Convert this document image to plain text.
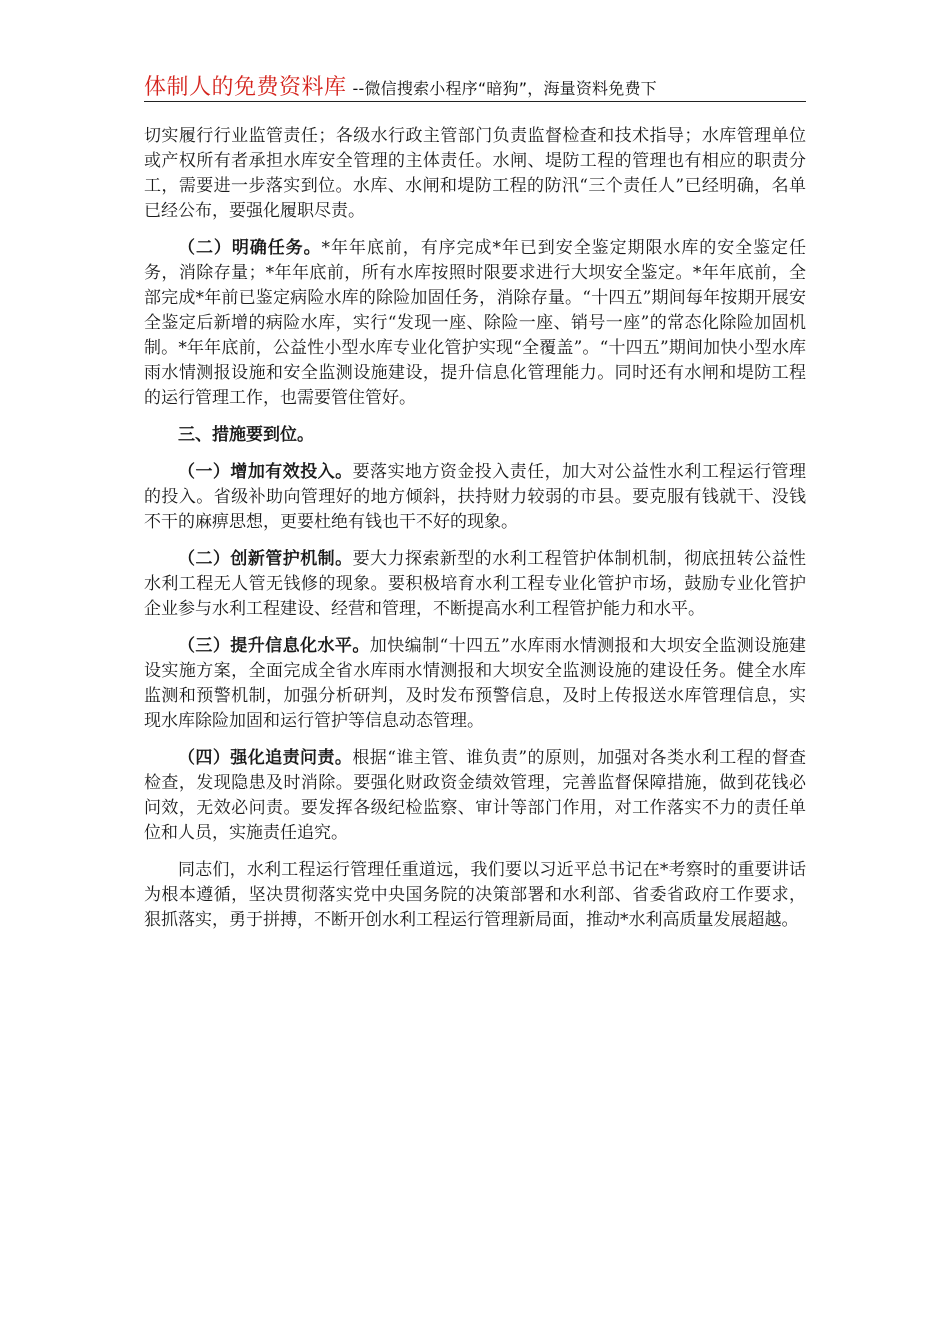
体制人的免费资料库 --微信搜索小程序“暗狗”，海量资料免费下

切实履行行业监管责任；各级水行政主管部门负责监督检查和技术指导；水库管理单位或产权所有者承担水库安全管理的主体责任。水闸、堤防工程的管理也有相应的职责分工，需要进一步落实到位。水库、水闸和堤防工程的防汛“三个责任人”已经明确，名单已经公布，要强化履职尽责。

（二）明确任务。*年年底前，有序完成*年已到安全鉴定期限水库的安全鉴定任务，消除存量；*年年底前，所有水库按照时限要求进行大坝安全鉴定。*年年底前，全部完成*年前已鉴定病险水库的除险加固任务，消除存量。“十四五”期间每年按期开展安全鉴定后新增的病险水库，实行“发现一座、除险一座、销号一座”的常态化除险加固机制。*年年底前，公益性小型水库专业化管护实现“全覆盖”。“十四五”期间加快小型水库雨水情测报设施和安全监测设施建设，提升信息化管理能力。同时还有水闸和堤防工程的运行管理工作，也需要管住管好。

三、措施要到位。

（一）增加有效投入。要落实地方资金投入责任，加大对公益性水利工程运行管理的投入。省级补助向管理好的地方倾斜，扶持财力较弱的市县。要克服有钱就干、没钱不干的麻痹思想，更要杜绝有钱也干不好的现象。

（二）创新管护机制。要大力探索新型的水利工程管护体制机制，彻底扭转公益性水利工程无人管无钱修的现象。要积极培育水利工程专业化管护市场，鼓励专业化管护企业参与水利工程建设、经营和管理，不断提高水利工程管护能力和水平。

（三）提升信息化水平。加快编制“十四五”水库雨水情测报和大坝安全监测设施建设实施方案，全面完成全省水库雨水情测报和大坝安全监测设施的建设任务。健全水库监测和预警机制，加强分析研判，及时发布预警信息，及时上传报送水库管理信息，实现水库除险加固和运行管护等信息动态管理。

（四）强化追责问责。根据“谁主管、谁负责”的原则，加强对各类水利工程的督查检查，发现隐患及时消除。要强化财政资金绩效管理，完善监督保障措施，做到花钱必问效，无效必问责。要发挥各级纪检监察、审计等部门作用，对工作落实不力的责任单位和人员，实施责任追究。

同志们，水利工程运行管理任重道远，我们要以习近平总书记在*考察时的重要讲话为根本遵循，坚决贯彻落实党中央国务院的决策部署和水利部、省委省政府工作要求，狠抓落实，勇于拼搏，不断开创水利工程运行管理新局面，推动*水利高质量发展超越。
